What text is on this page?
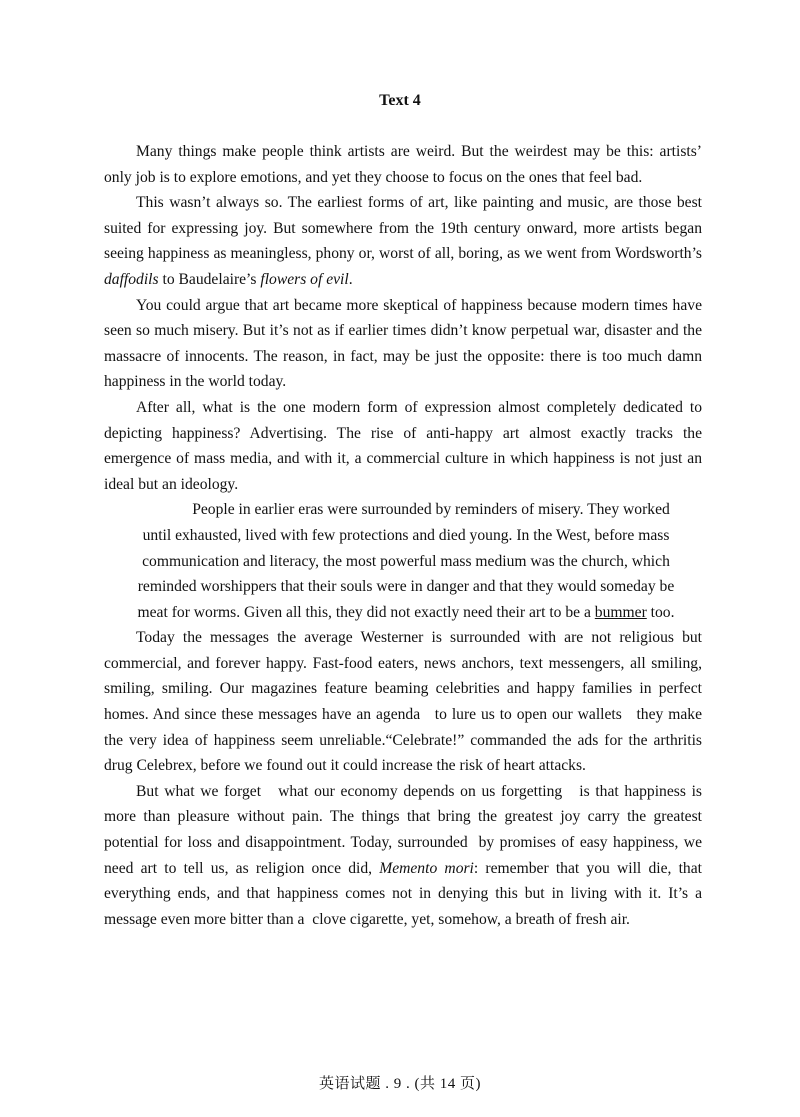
Text 4

Many things make people think artists are weird. But the weirdest may be this: artists’ only job is to explore emotions, and yet they choose to focus on the ones that feel bad.

This wasn’t always so. The earliest forms of art, like painting and music, are those best suited for expressing joy. But somewhere from the 19th century onward, more artists began seeing happiness as meaningless, phony or, worst of all, boring, as we went from Wordsworth’s daffodils to Baudelaire’s flowers of evil.

You could argue that art became more skeptical of happiness because modern times have seen so much misery. But it’s not as if earlier times didn’t know perpetual war, disaster and the massacre of innocents. The reason, in fact, may be just the opposite: there is too much damn happiness in the world today.

After all, what is the one modern form of expression almost completely dedicated to depicting happiness? Advertising. The rise of anti-happy art almost exactly tracks the emergence of mass media, and with it, a commercial culture in which happiness is not just an ideal but an ideology.

People in earlier eras were surrounded by reminders of misery. They worked
until exhausted, lived with few protections and died young. In the West, before mass
communication and literacy, the most powerful mass medium was the church, which
reminded worshippers that their souls were in danger and that they would someday be
meat for worms. Given all this, they did not exactly need their art to be a bummer too.

Today the messages the average Westerner is surrounded with are not religious but commercial, and forever happy. Fast-food eaters, news anchors, text messengers, all smiling, smiling, smiling. Our magazines feature beaming celebrities and happy families in perfect homes. And since these messages have an agenda   to lure us to open our wallets   they make the very idea of happiness seem unreliable.“Celebrate!” commanded the ads for the arthritis drug Celebrex, before we found out it could increase the risk of heart attacks.

But what we forget   what our economy depends on us forgetting   is that happiness is more than pleasure without pain. The things that bring the greatest joy carry the greatest potential for loss and disappointment. Today, surrounded  by promises of easy happiness, we need art to tell us, as religion once did, Memento mori: remember that you will die, that everything ends, and that happiness comes not in denying this but in living with it. It’s a message even more bitter than a  clove cigarette, yet, somehow, a breath of fresh air.

英语试题 . 9 . (共 14 页)
